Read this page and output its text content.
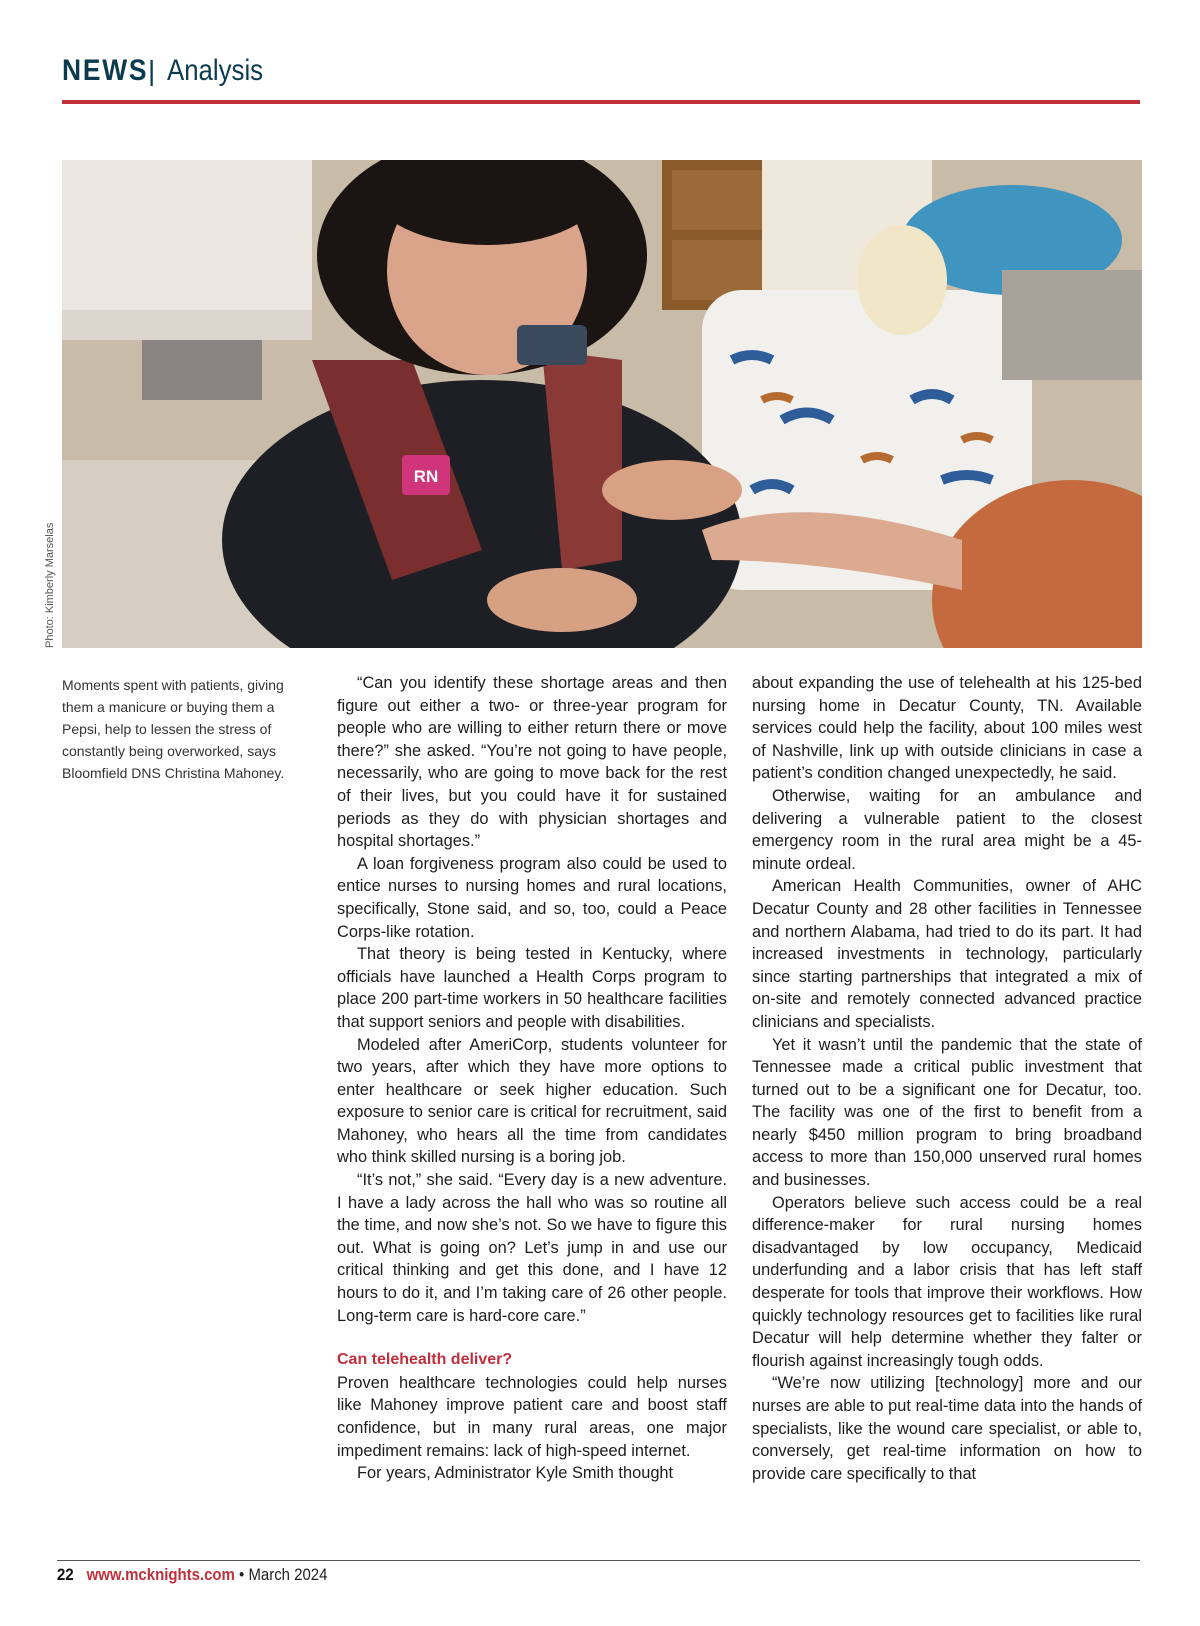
NEWS | Analysis
RN
Photo: Kimberly Marselas
Moments spent with patients, giving them a manicure or buying them a Pepsi, help to lessen the stress of constantly being overworked, says Bloomfield DNS Christina Mahoney.

“Can you identify these shortage areas and then figure out either a two- or three-year program for people who are willing to either return there or move there?” she asked. “You’re not going to have people, necessarily, who are going to move back for the rest of their lives, but you could have it for sustained periods as they do with physician shortages and hospital shortages.”

A loan forgiveness program also could be used to entice nurses to nursing homes and rural locations, specifically, Stone said, and so, too, could a Peace Corps-like rotation.

That theory is being tested in Kentucky, where officials have launched a Health Corps program to place 200 part-time workers in 50 healthcare facilities that support seniors and people with disabilities.

Modeled after AmeriCorp, students volunteer for two years, after which they have more options to enter healthcare or seek higher education. Such exposure to senior care is critical for recruitment, said Mahoney, who hears all the time from candidates who think skilled nursing is a boring job.

“It’s not,” she said. “Every day is a new adventure. I have a lady across the hall who was so routine all the time, and now she’s not. So we have to figure this out. What is going on? Let’s jump in and use our critical thinking and get this done, and I have 12 hours to do it, and I’m taking care of 26 other people. Long-term care is hard-core care.”

Can telehealth deliver?

Proven healthcare technologies could help nurses like Mahoney improve patient care and boost staff confidence, but in many rural areas, one major impediment remains: lack of high-speed internet.

For years, Administrator Kyle Smith thought

about expanding the use of telehealth at his 125-bed nursing home in Decatur County, TN. Available services could help the facility, about 100 miles west of Nashville, link up with outside clinicians in case a patient’s condition changed unexpectedly, he said.

Otherwise, waiting for an ambulance and delivering a vulnerable patient to the closest emergency room in the rural area might be a 45-minute ordeal.

American Health Communities, owner of AHC Decatur County and 28 other facilities in Tennessee and northern Alabama, had tried to do its part. It had increased investments in technology, particularly since starting partnerships that integrated a mix of on-site and remotely connected advanced practice clinicians and specialists.

Yet it wasn’t until the pandemic that the state of Tennessee made a critical public investment that turned out to be a significant one for Decatur, too. The facility was one of the first to benefit from a nearly $450 million program to bring broadband access to more than 150,000 unserved rural homes and businesses.

Operators believe such access could be a real difference-maker for rural nursing homes disadvantaged by low occupancy, Medicaid underfunding and a labor crisis that has left staff desperate for tools that improve their workflows. How quickly technology resources get to facilities like rural Decatur will help determine whether they falter or flourish against increasingly tough odds.

“We’re now utilizing [technology] more and our nurses are able to put real-time data into the hands of specialists, like the wound care specialist, or able to, conversely, get real-time information on how to provide care specifically to that

22 www.mcknights.com • March 2024
